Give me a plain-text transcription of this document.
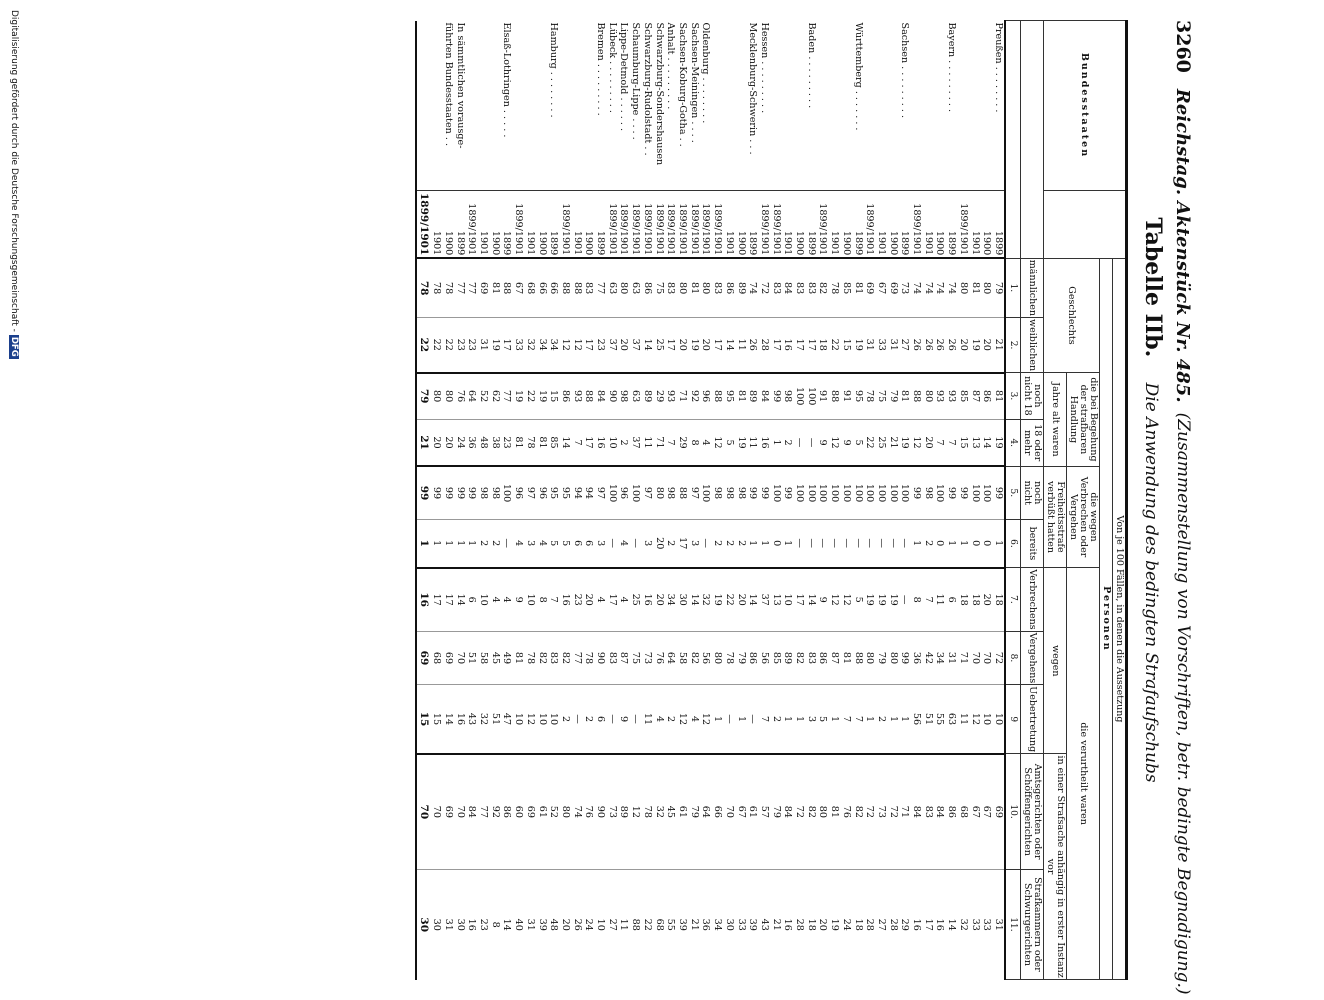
3260
Reichstag. Aktenstück Nr. 485.
(Zusammenstellung von Vorschriften, betr. bedingte Begnadigung.)
Tabelle IIb. Die Anwendung des bedingten Strafaufschubs
Bundesstaaten		Von je 100 Fällen, in denen die Aussetzung										
		Personen										
		Geschlechts		die bei Begehung der strafbaren Handlung		die wegen Verbrechen oder Vergehen		die verurtheilt waren				
				Jahre alt waren		Freiheitsstrafe verbüßt hatten		wegen			in einer Strafsache anhängig in erster Instanz vor	
		männlichen	weiblichen	noch nicht 18	18 oder mehr	noch nicht	bereits	Verbrechens	Vergehens	Uebertretung	Amtsgerichten oder Schöffengerichten	Strafkammern oder Schwurgerichten
		1.	2.	3.	4.	5.	6.	7.	8.	9	10.	11.
Preußen . . . . . . . .	1899	79	21	81	19	99	1	18	72	10	69	31
	1900	80	20	86	14	100	0	20	70	10	67	33
	1901	81	19	87	13	100	0	18	70	12	67	33
	1899/1901	80	20	85	15	99	1	18	71	11	68	32
Bayern . . . . . . . . .	1899	74	26	93	7	99	1	6	31	63	86	14
	1900	74	26	93	7	100	0	11	34	55	84	16
	1901	74	26	80	20	98	2	7	42	51	83	17
	1899/1901	74	26	88	12	99	1	8	36	56	84	16
Sachsen . . . . . . . . .	1899	73	27	81	19	100	—	—	99	1	71	29
	1900	69	31	79	21	100	—	19	80	1	72	28
	1901	67	33	75	25	100	—	19	79	2	73	27
	1899/1901	69	31	78	22	100	—	19	80	1	72	28
Württemberg . . . . . . .	1899	81	19	95	5	100	—	5	88	7	82	18
	1900	85	15	91	9	100	—	12	81	7	76	24
	1901	78	22	88	12	100	—	12	87	1	81	19
	1899/1901	82	18	91	9	100	—	9	86	5	80	20
Baden . . . . . . . . .	1899	83	17	100	—	100	—	14	83	3	82	18
	1900	83	17	100	—	100	—	17	82	1	72	28
	1901	84	16	98	2	99	1	10	89	1	84	16
	1899/1901	83	17	99	1	100	0	13	85	2	79	21
Hessen . . . . . . . . .	1899/1901	72	28	84	16	99	1	37	56	7	57	43
Mecklenburg-Schwerin . . .	1899	74	26	89	11	99	1	14	86	—	61	39
	1900	89	11	81	19	98	2	20	79	1	67	33
	1901	86	14	95	5	98	2	22	78	—	70	30
	1899/1901	83	17	88	12	98	2	19	80	1	66	34
Oldenburg . . . . . . . .	1899/1901	80	20	96	4	100	—	32	56	12	64	36
Sachsen-Meiningen . . . .	1899/1901	81	19	92	8	97	3	14	82	4	79	21
Sachsen-Koburg-Gotha . .	1899/1901	80	20	71	29	88	17	30	58	12	61	39
Anhalt . . . . . . . . .	1899/1901	83	17	93	7	98	2	34	64	2	45	55
Schwarzburg-Sondershausen	1899/1901	75	25	29	71	80	20	20	76	4	32	68
Schwarzburg-Rudolstadt . .	1899/1901	86	14	89	11	97	3	16	73	11	78	22
Schaumburg-Lippe . . . .	1899/1901	63	37	63	37	100	—	25	75	—	12	88
Lippe-Detmold . . . . . .	1899/1901	80	20	98	2	96	4	4	87	9	89	11
Lübeck . . . . . . . . .	1899/1901	63	37	90	10	100	—	17	83	—	73	27
Bremen . . . . . . . . .	1899	77	23	84	16	97	3	4	90	6	90	10
	1900	83	17	88	17	94	6	20	78	2	76	24
	1901	88	12	93	7	94	6	23	77	—	74	26
	1899/1901	88	12	86	14	95	5	16	82	2	80	20
Hamburg . . . . . . . .	1899	66	34	15	85	95	5	7	83	10	52	48
	1900	66	34	19	81	96	4	8	82	10	61	39
	1901	68	32	22	78	97	3	10	78	12	69	31
	1899/1901	67	33	19	81	96	4	9	81	10	60	40
Elsaß-Lothringen . . . . .	1899	88	17	77	23	100	—	4	49	47	86	14
	1900	81	19	62	38	98	2	4	45	51	92	8
	1901	69	31	52	48	98	2	10	58	32	77	23
	1899/1901	77	23	64	36	99	1	6	51	43	84	16
In sämmtlichen vorausge-	1899	77	23	76	24	99	1	14	70	16	70	30
führten Bundesstaaten . .	1900	78	22	80	20	99	1	17	69	14	69	31
	1901	78	22	80	20	99	1	17	68	15	70	30
	1899/1901	78	22	79	21	99	1	16	69	15	70	30
Digitalisierung gefördert durch die Deutsche Forschungsgemeinschaft -DFG
